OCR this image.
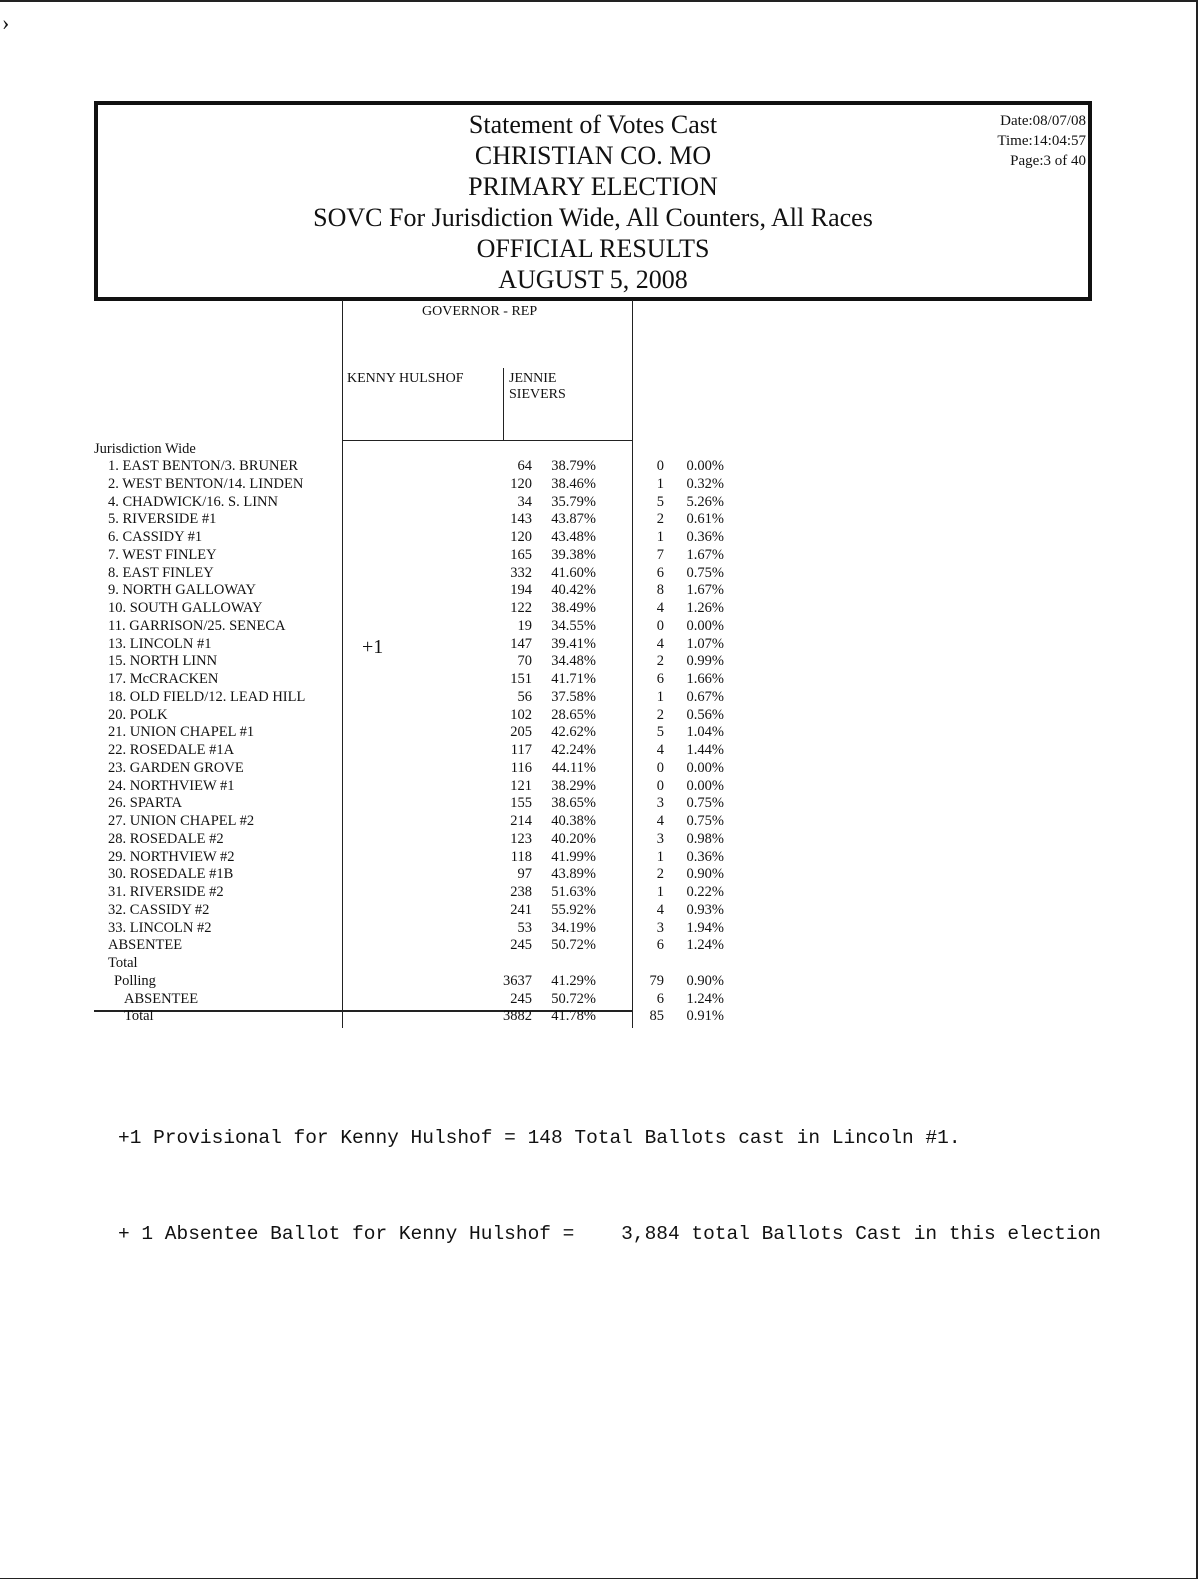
›
Statement of Votes Cast
CHRISTIAN CO. MO
PRIMARY ELECTION
SOVC For Jurisdiction Wide, All Counters, All Races
OFFICIAL RESULTS
AUGUST 5, 2008
Date:08/07/08
Time:14:04:57
Page:3 of 40
GOVERNOR - REP
KENNY HULSHOF	JENNIE
SIEVERS
Jurisdiction Wide
1. EAST BENTON/3. BRUNER	64	38.79%	0	0.00%
2. WEST BENTON/14. LINDEN	120	38.46%	1	0.32%
4. CHADWICK/16. S. LINN	34	35.79%	5	5.26%
5. RIVERSIDE #1	143	43.87%	2	0.61%
6. CASSIDY #1	120	43.48%	1	0.36%
7. WEST FINLEY	165	39.38%	7	1.67%
8. EAST FINLEY	332	41.60%	6	0.75%
9. NORTH GALLOWAY	194	40.42%	8	1.67%
10. SOUTH GALLOWAY	122	38.49%	4	1.26%
11. GARRISON/25. SENECA	19	34.55%	0	0.00%
13. LINCOLN #1	147	39.41%	4	1.07%
15. NORTH LINN	70	34.48%	2	0.99%
17. McCRACKEN	151	41.71%	6	1.66%
18. OLD FIELD/12. LEAD HILL	56	37.58%	1	0.67%
20. POLK	102	28.65%	2	0.56%
21. UNION CHAPEL #1	205	42.62%	5	1.04%
22. ROSEDALE #1A	117	42.24%	4	1.44%
23. GARDEN GROVE	116	44.11%	0	0.00%
24. NORTHVIEW #1	121	38.29%	0	0.00%
26. SPARTA	155	38.65%	3	0.75%
27. UNION CHAPEL #2	214	40.38%	4	0.75%
28. ROSEDALE #2	123	40.20%	3	0.98%
29. NORTHVIEW #2	118	41.99%	1	0.36%
30. ROSEDALE #1B	97	43.89%	2	0.90%
31. RIVERSIDE #2	238	51.63%	1	0.22%
32. CASSIDY #2	241	55.92%	4	0.93%
33. LINCOLN #2	53	34.19%	3	1.94%
ABSENTEE	245	50.72%	6	1.24%
Total
Polling	3637	41.29%	79	0.90%
ABSENTEE	245	50.72%	6	1.24%
Total	3882	41.78%	85	0.91%
+1

+1 Provisional for Kenny Hulshof = 148 Total Ballots cast in Lincoln #1.

+ 1 Absentee Ballot for Kenny Hulshof =    3,884 total Ballots Cast in this election
